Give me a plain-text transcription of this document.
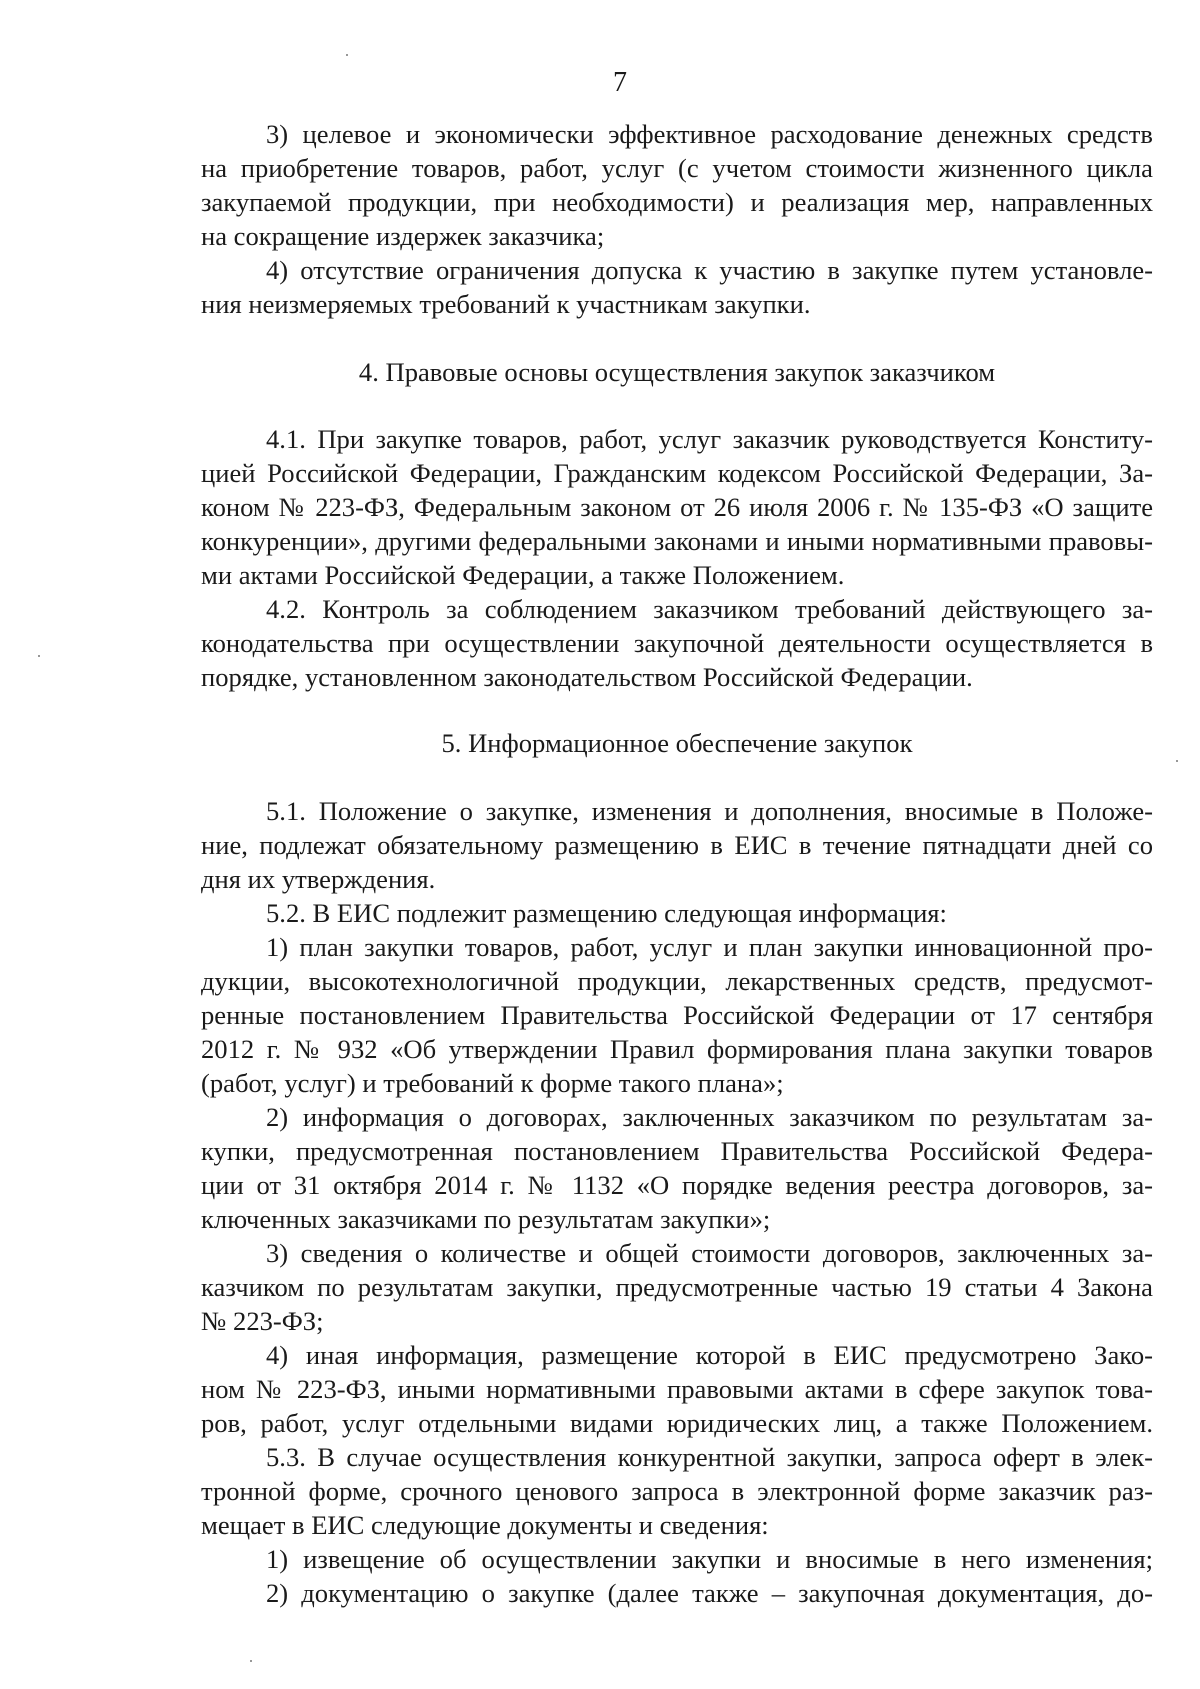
7
3) целевое и экономически эффективное расходование денежных средств
на приобретение товаров, работ, услуг (с учетом стоимости жизненного цикла
закупаемой продукции, при необходимости) и реализация мер, направленных
на сокращение издержек заказчика;
4) отсутствие ограничения допуска к участию в закупке путем установле-
ния неизмеряемых требований к участникам закупки.
4. Правовые основы осуществления закупок заказчиком
4.1. При закупке товаров, работ, услуг заказчик руководствуется Конститу-
цией Российской Федерации, Гражданским кодексом Российской Федерации, За-
коном № 223-ФЗ, Федеральным законом от 26 июля 2006 г. № 135-ФЗ «О защите
конкуренции», другими федеральными законами и иными нормативными правовы-
ми актами Российской Федерации, а также Положением.
4.2. Контроль за соблюдением заказчиком требований действующего за-
конодательства при осуществлении закупочной деятельности осуществляется в
порядке, установленном законодательством Российской Федерации.
5. Информационное обеспечение закупок
5.1. Положение о закупке, изменения и дополнения, вносимые в Положе-
ние, подлежат обязательному размещению в ЕИС в течение пятнадцати дней со
дня их утверждения.
5.2. В ЕИС подлежит размещению следующая информация:
1) план закупки товаров, работ, услуг и план закупки инновационной про-
дукции, высокотехнологичной продукции, лекарственных средств, предусмот-
ренные постановлением Правительства Российской Федерации от 17 сентября
2012 г. № 932 «Об утверждении Правил формирования плана закупки товаров
(работ, услуг) и требований к форме такого плана»;
2) информация о договорах, заключенных заказчиком по результатам за-
купки, предусмотренная постановлением Правительства Российской Федера-
ции от 31 октября 2014 г. № 1132 «О порядке ведения реестра договоров, за-
ключенных заказчиками по результатам закупки»;
3) сведения о количестве и общей стоимости договоров, заключенных за-
казчиком по результатам закупки, предусмотренные частью 19 статьи 4 Закона
№ 223-ФЗ;
4) иная информация, размещение которой в ЕИС предусмотрено Зако-
ном № 223-ФЗ, иными нормативными правовыми актами в сфере закупок това-
ров, работ, услуг отдельными видами юридических лиц, а также Положением.
5.3. В случае осуществления конкурентной закупки, запроса оферт в элек-
тронной форме, срочного ценового запроса в электронной форме заказчик раз-
мещает в ЕИС следующие документы и сведения:
1) извещение об осуществлении закупки и вносимые в него изменения;
2) документацию о закупке (далее также – закупочная документация, до-
